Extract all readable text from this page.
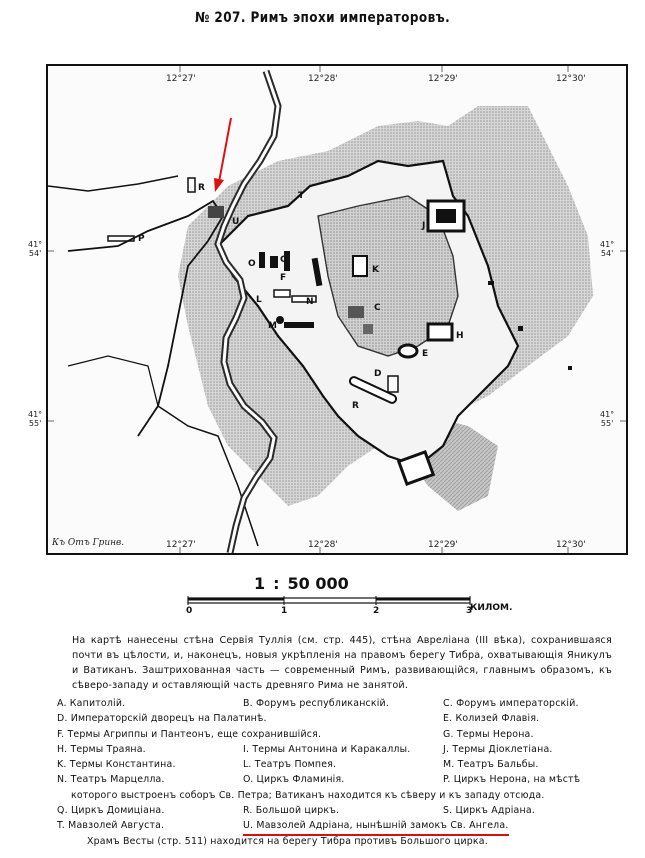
№ 207. Римъ эпохи императоровъ.
R
U
T
P
J
K
G
F
O
L	N
M
C
H
E
D
R
12°27'	12°28'	12°29'	12°30'
12°27'	12°28'	12°29'	12°30'
Къ Отъ Гринв.
41°
54'
41°
55'
41°
54'
41°
55'
1 : 50 000
0	1	2	3
КИЛОМ.
На картѣ нанесены стѣна Сервія Туллія (см. стр. 445), стѣна Авреліана (III вѣка), сохранившаяся почти въ цѣлости, и, наконецъ, новыя укрѣпленія на правомъ берегу Тибра, охватывающія Яникулъ и Ватиканъ. Заштрихованная часть — современный Римъ, развивающійся, главнымъ образомъ, къ сѣверо-западу и оставляющій часть древняго Рима не занятой.
A. Капитолій.	B. Форумъ республиканскій.	C. Форумъ императорскій.
D. Императорскій дворецъ на Палатинѣ.	E. Колизей Флавія.
F. Термы Агриппы и Пантеонъ, еще сохранившійся.	G. Термы Нерона.
H. Термы Траяна.	I. Термы Антонина и Каракаллы.	J. Термы Діоклетіана.
K. Термы Константина.	L. Театръ Помпея.	M. Театръ Бальбы.
N. Театръ Марцелла.	O. Циркъ Фламинія.	P. Циркъ Нерона, на мѣстѣ
которого выстроенъ соборъ Св. Петра; Ватиканъ находится къ сѣверу и къ западу отсюда.
Q. Циркъ Домиціана.	R. Большой циркъ.	S. Циркъ Адріана.
T. Мавзолей Августа.	U. Мавзолей Адріана, нынѣшній замокъ Св. Ангела.
Храмъ Весты (стр. 511) находится на берегу Тибра противъ Большого цирка.
